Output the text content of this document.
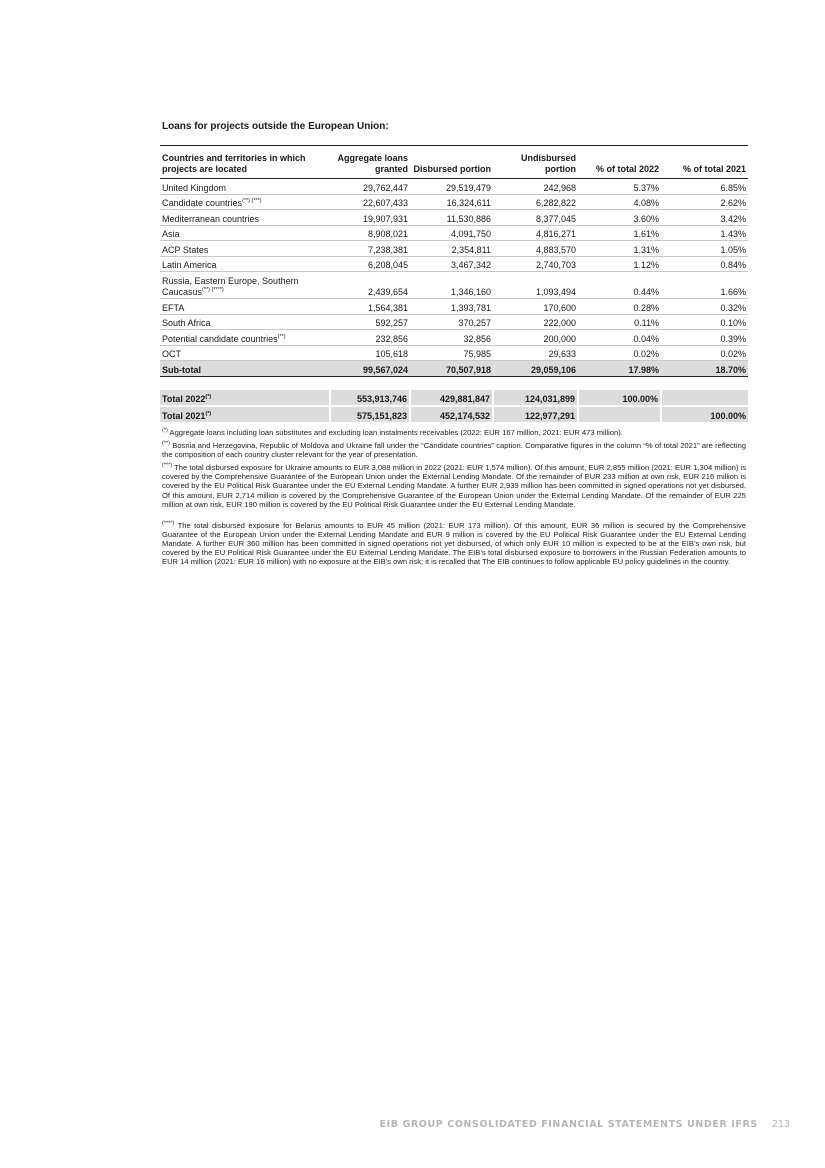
Loans for projects outside the European Union:
Countries and territories in which projects are located	Aggregate loans granted	Disbursed portion	Undisbursed portion	% of total 2022	% of total 2021
United Kingdom	29,762,447	29,519,479	242,968	5.37%	6.85%
Candidate countries(**) (***)	22,607,433	16,324,611	6,282,822	4.08%	2.62%
Mediterranean countries	19,907,931	11,530,886	8,377,045	3.60%	3.42%
Asia	8,908,021	4,091,750	4,816,271	1.61%	1.43%
ACP States	7,238,381	2,354,811	4,883,570	1.31%	1.05%
Latin America	6,208,045	3,467,342	2,740,703	1.12%	0.84%
Russia, Eastern Europe, Southern Caucasus(**) (****)	2,439,654	1,346,160	1,093,494	0.44%	1.66%
EFTA	1,564,381	1,393,781	170,600	0.28%	0.32%
South Africa	592,257	370,257	222,000	0.11%	0.10%
Potential candidate countries(**)	232,856	32,856	200,000	0.04%	0.39%
OCT	105,618	75,985	29,633	0.02%	0.02%
Sub-total	99,567,024	70,507,918	29,059,106	17.98%	18.70%

Total 2022(*)	553,913,746	429,881,847	124,031,899	100.00%	
Total 2021(*)	575,151,823	452,174,532	122,977,291		100.00%

(*) Aggregate loans including loan substitutes and excluding loan instalments receivables (2022: EUR 167 million, 2021: EUR 473 million).

(**) Bosnia and Herzegovina, Republic of Moldova and Ukraine fall under the “Candidate countries” caption. Comparative figures in the column “% of total 2021” are reflecting the composition of each country cluster relevant for the year of presentation.

(***) The total disbursed exposure for Ukraine amounts to EUR 3,088 million in 2022 (2021: EUR 1,574 million). Of this amount, EUR 2,855 million (2021: EUR 1,304 million) is covered by the Comprehensive Guarantee of the European Union under the External Lending Mandate. Of the remainder of EUR 233 million at own risk, EUR 216 million is covered by the EU Political Risk Guarantee under the EU External Lending Mandate. A further EUR 2,939 million has been committed in signed operations not yet disbursed. Of this amount, EUR 2,714 million is covered by the Comprehensive Guarantee of the European Union under the External Lending Mandate. Of the remainder of EUR 225 million at own risk, EUR 190 million is covered by the EU Political Risk Guarantee under the EU External Lending Mandate.

(****) The total disbursed exposure for Belarus amounts to EUR 45 million (2021: EUR 173 million). Of this amount, EUR 36 million is secured by the Comprehensive Guarantee of the European Union under the External Lending Mandate and EUR 9 million is covered by the EU Political Risk Guarantee under the EU External Lending Mandate. A further EUR 360 million has been committed in signed operations not yet disbursed, of which only EUR 10 million is expected to be at the EIB’s own risk, but covered by the EU Political Risk Guarantee under the EU External Lending Mandate. The EIB’s total disbursed exposure to borrowers in the Russian Federation amounts to EUR 14 million (2021: EUR 16 million) with no exposure at the EIB’s own risk; it is recalled that The EIB continues to follow applicable EU policy guidelines in the country.

EIB GROUP CONSOLIDATED FINANCIAL STATEMENTS UNDER IFRS 213
